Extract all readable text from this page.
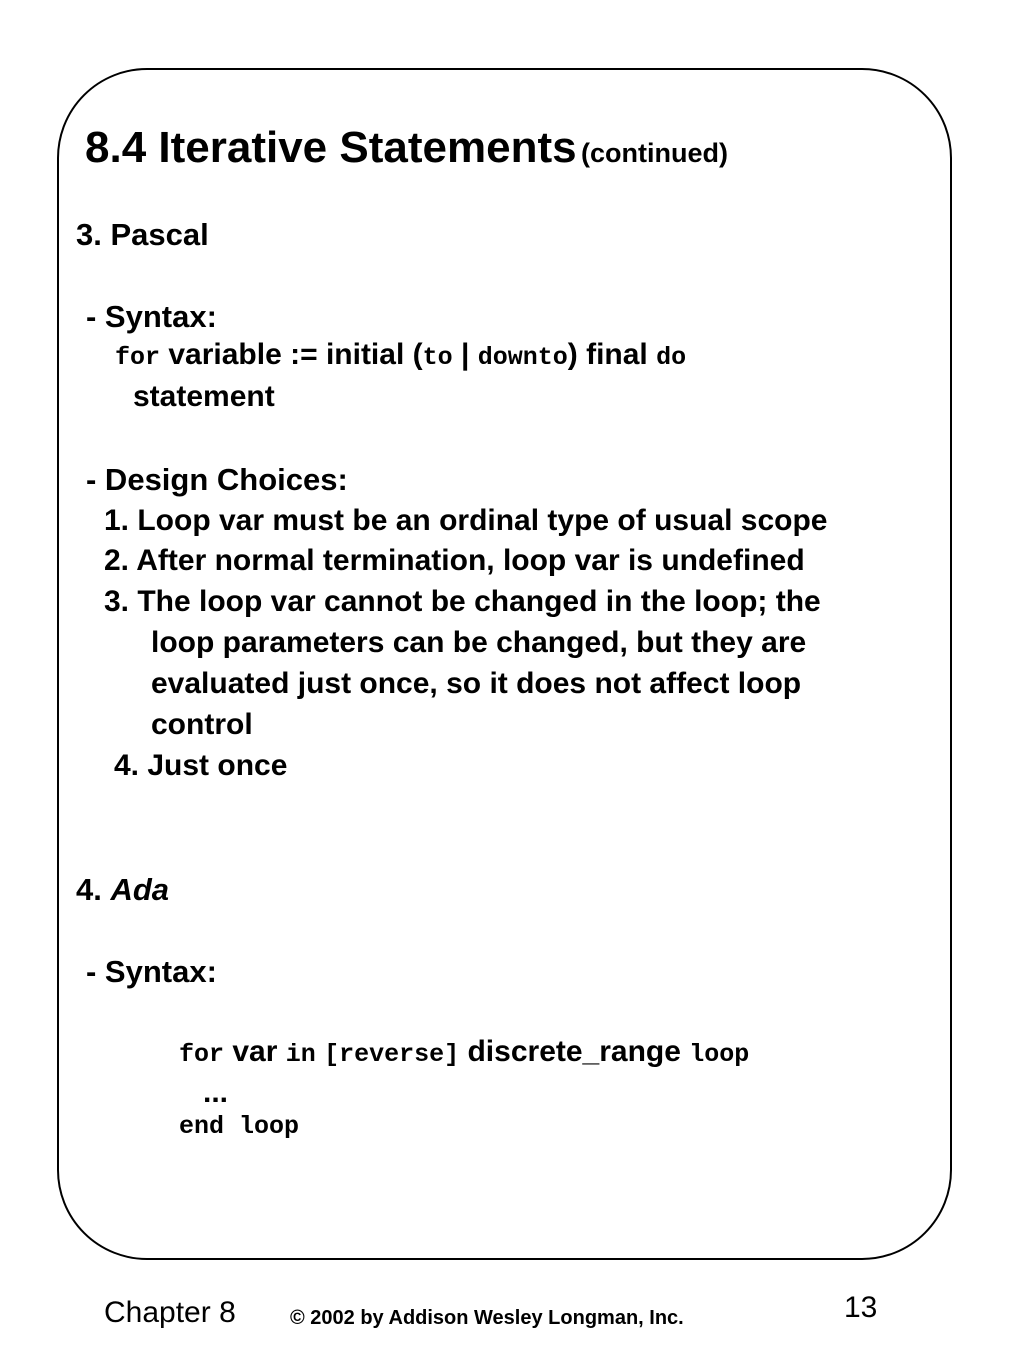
8.4 Iterative Statements (continued)
3. Pascal
- Syntax:
for variable := initial (to | downto) final do
statement
- Design Choices:
1. Loop var must be an ordinal type of usual scope
2. After normal termination, loop var is undefined
3. The loop var cannot be changed in the loop; the
loop parameters can be changed, but they are
evaluated just once, so it does not affect loop
control
4. Just once
4. Ada
- Syntax:
for var in [reverse] discrete_range loop
...
end loop
Chapter 8	© 2002 by Addison Wesley Longman, Inc.	13
